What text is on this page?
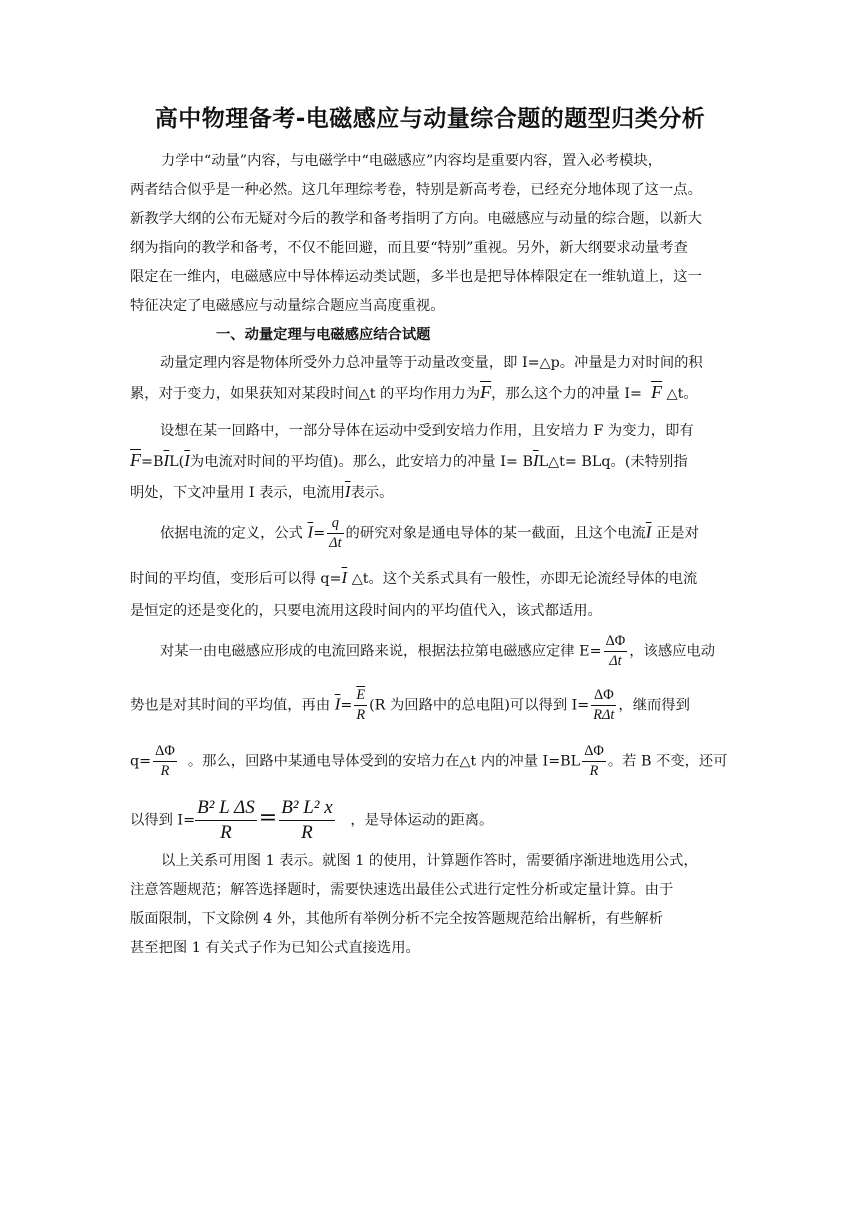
高中物理备考-电磁感应与动量综合题的题型归类分析
力学中“动量”内容，与电磁学中“电磁感应”内容均是重要内容，置入必考模块，
两者结合似乎是一种必然。这几年理综考卷，特别是新高考卷，已经充分地体现了这一点。
新教学大纲的公布无疑对今后的教学和备考指明了方向。电磁感应与动量的综合题，以新大
纲为指向的教学和备考，不仅不能回避，而且要“特别”重视。另外，新大纲要求动量考查
限定在一维内，电磁感应中导体棒运动类试题，多半也是把导体棒限定在一维轨道上，这一
特征决定了电磁感应与动量综合题应当高度重视。
一、动量定理与电磁感应结合试题
动量定理内容是物体所受外力总冲量等于动量改变量，即 I=△p。冲量是力对时间的积
累，对于变力，如果获知对某段时间△t 的平均作用力为$\overline{F}$，那么这个力的冲量 $I= \overline{F}$ △t。
设想在某一回路中，一部分导体在运动中受到安培力作用，且安培力 F 为变力，即有
$\overline{F}=B\overline{I}L(\overline{I}$为电流对时间的平均值)。那么，此安培力的冲量 $I= B\overline{I}L\triangle t=$ BLq。(未特别指
明处，下文冲量用 I 表示，电流用$\overline{I}$表示。
依据电流的定义，公式 $\overline{I}= \frac{q}{\Delta t}$ 的研究对象是通电导体的某一截面，且这个电流$\overline{I}$ 正是对
时间的平均值，变形后可以得 $q=\overline{I}$ △t。这个关系式具有一般性，亦即无论流经导体的电流
是恒定的还是变化的，只要电流用这段时间内的平均值代入，该式都适用。
对某一由电磁感应形成的电流回路来说，根据法拉第电磁感应定律 $E= \frac{\Delta\Phi}{\Delta t}$ ，该感应电动
势也是对其时间的平均值，再由 $\overline{I}= \frac{\overline{E}}{R} (R$ 为回路中的总电阻)可以得到 $I= \frac{\Delta\Phi}{\text{RΔt}}$ ，继而得到
$q= \frac{\Delta\Phi}{R}$ 。那么，回路中某通电导体受到的安培力在△t 内的冲量 $I=BL \frac{\Delta\Phi}{R}$ 。若 B 不变，还可
以得到 $I= \frac{\text{B² L ΔS}}{R} = \frac{\text{B² L² x}}{R}$ ，是导体运动的距离。
以上关系可用图 1 表示。就图 1 的使用，计算题作答时，需要循序渐进地选用公式，
注意答题规范；解答选择题时，需要快速选出最佳公式进行定性分析或定量计算。由于
版面限制，下文除例 4 外，其他所有举例分析不完全按答题规范给出解析，有些解析
甚至把图 1 有关式子作为已知公式直接选用。
